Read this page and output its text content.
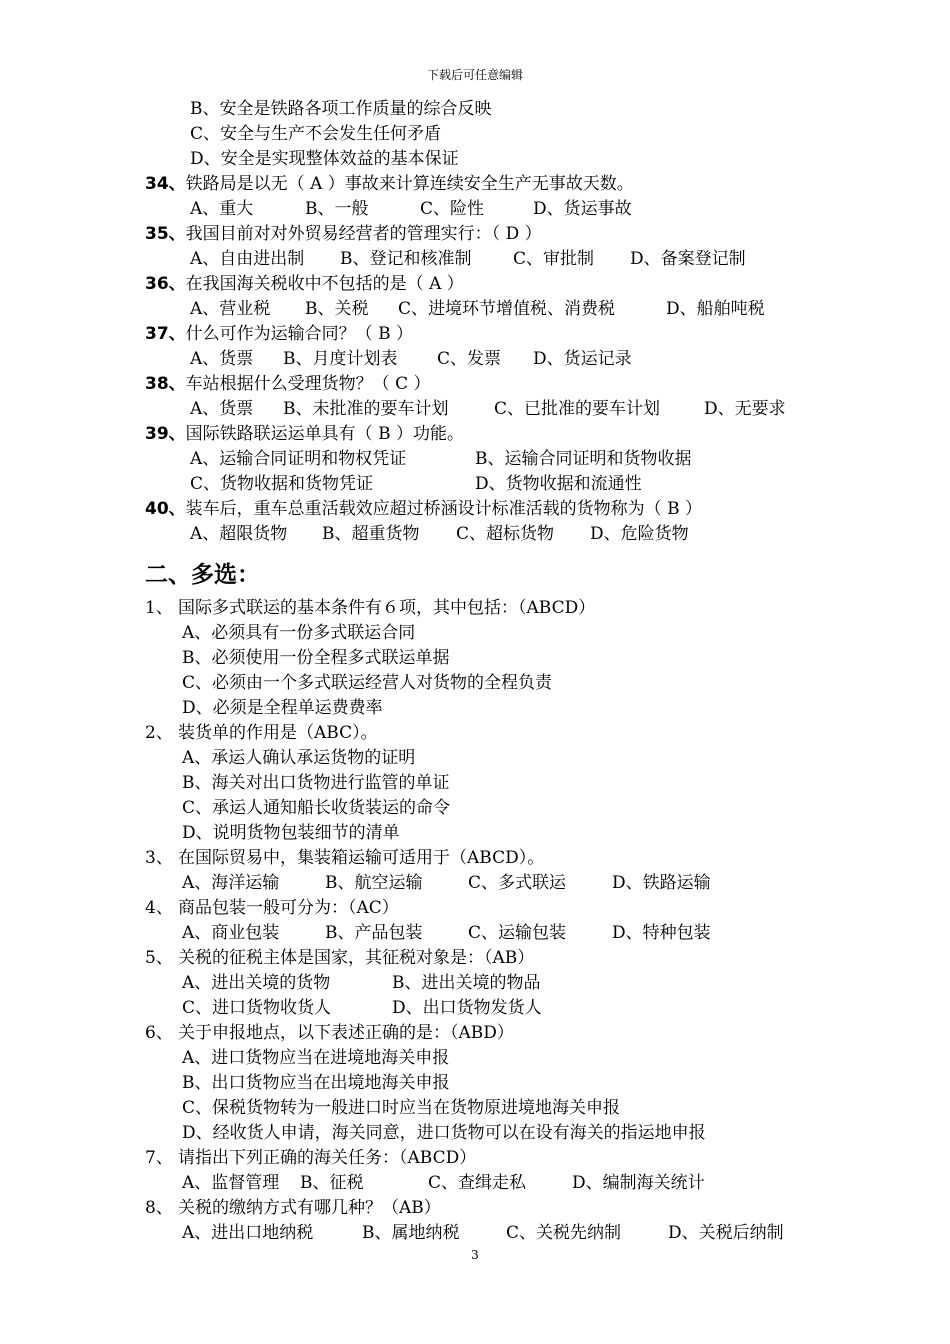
下载后可任意编辑
B、安全是铁路各项工作质量的综合反映
C、安全与生产不会发生任何矛盾
D、安全是实现整体效益的基本保证
34、铁路局是以无（ A ）事故来计算连续安全生产无事故天数。
A、重大	B、一般	C、险性	D、货运事故
35、我国目前对对外贸易经营者的管理实行：（ D ）
A、自由进出制 B、登记和核准制 C、审批制 D、备案登记制
36、在我国海关税收中不包括的是（ A ）
A、营业税 B、关税 C、进境环节增值税、消费税	D、船舶吨税
37、什么可作为运输合同？（ B ）
A、货票 B、月度计划表 C、发票 D、货运记录
38、车站根据什么受理货物？（ C ）
A、货票 B、未批准的要车计划	C、已批准的要车计划	D、无要求
39、国际铁路联运运单具有（ B ）功能。
A、运输合同证明和物权凭证	B、运输合同证明和货物收据
C、货物收据和货物凭证	D、货物收据和流通性
40、装车后，重车总重活载效应超过桥涵设计标准活载的货物称为（ B ）
A、超限货物 B、超重货物 C、超标货物 D、危险货物
二、多选：
1、 国际多式联运的基本条件有６项，其中包括：（ABCD）
A、必须具有一份多式联运合同
B、必须使用一份全程多式联运单据
C、必须由一个多式联运经营人对货物的全程负责
D、必须是全程单运费费率
2、 装货单的作用是（ABC）。
A、承运人确认承运货物的证明
B、海关对出口货物进行监管的单证
C、承运人通知船长收货装运的命令
D、说明货物包装细节的清单
3、 在国际贸易中，集装箱运输可适用于（ABCD）。
A、海洋运输	B、航空运输	C、多式联运	D、铁路运输
4、 商品包装一般可分为：（AC）
A、商业包装	B、产品包装	C、运输包装	D、特种包装
5、 关税的征税主体是国家，其征税对象是：（AB）
A、进出关境的货物	B、进出关境的物品
C、进口货物收货人	D、出口货物发货人
6、 关于申报地点，以下表述正确的是：（ABD）
A、进口货物应当在进境地海关申报
B、出口货物应当在出境地海关申报
C、保税货物转为一般进口时应当在货物原进境地海关申报
D、经收货人申请，海关同意，进口货物可以在设有海关的指运地申报
7、 请指出下列正确的海关任务：（ABCD）
A、监督管理 B、征税	C、查缉走私	D、编制海关统计
8、 关税的缴纳方式有哪几种？（AB）
A、进出口地纳税	B、属地纳税	C、关税先纳制	D、关税后纳制
3
